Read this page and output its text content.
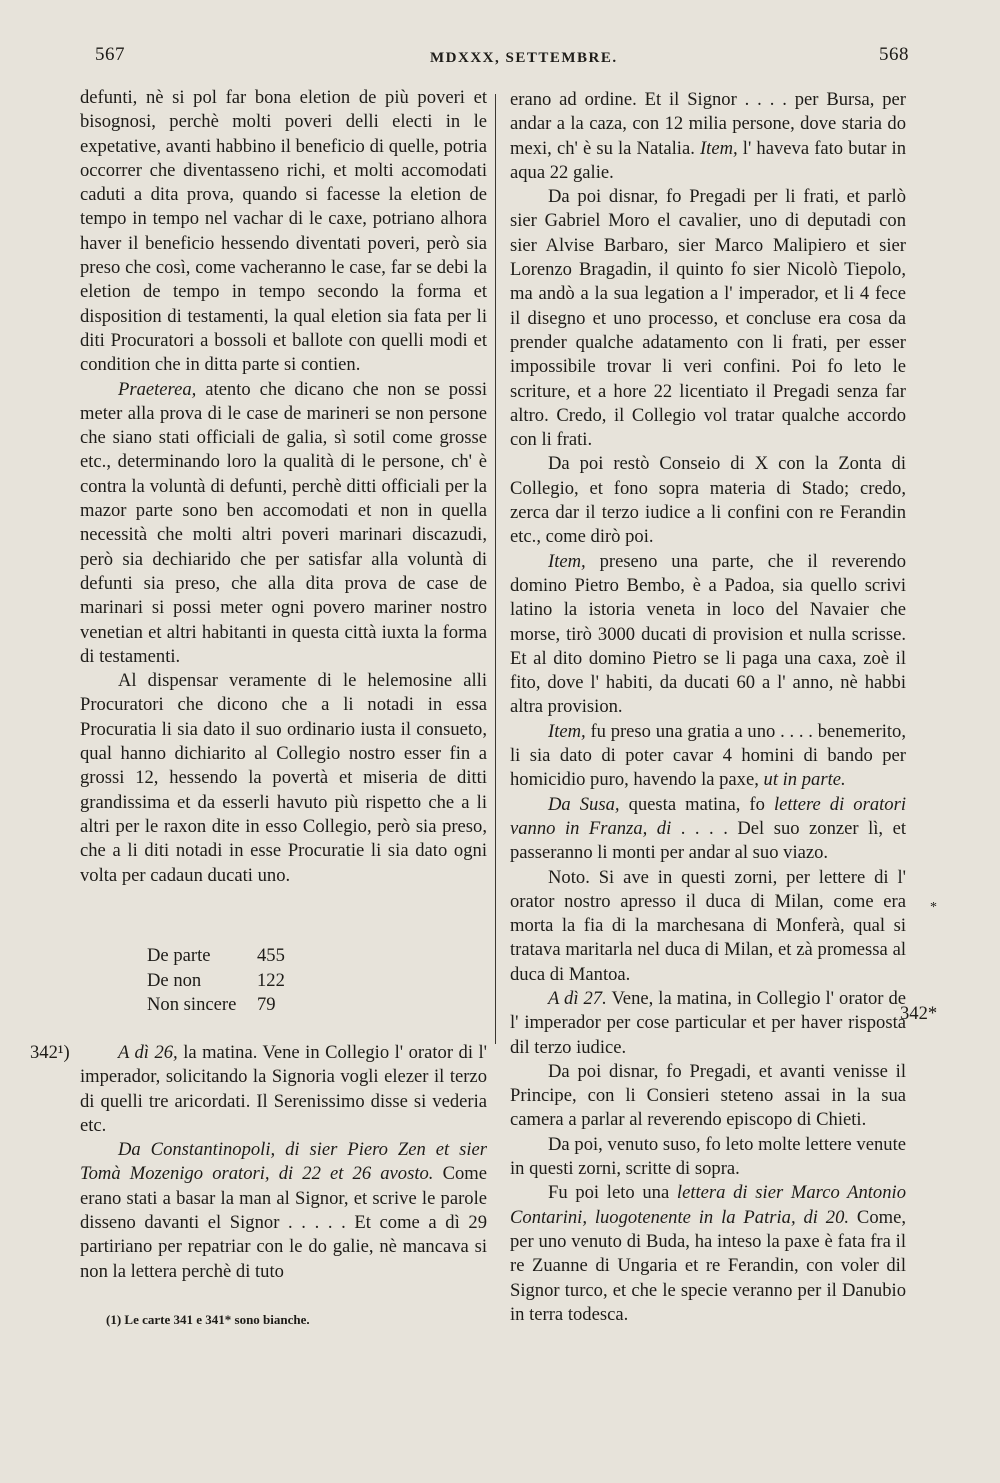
567	MDXXX, SETTEMBRE.	568

defunti, nè si pol far bona eletion de più poveri et bisognosi, perchè molti poveri delli electi in le expetative, avanti habbino il beneficio di quelle, potria occorrer che diventasseno richi, et molti accomodati caduti a dita prova, quando si facesse la eletion de tempo in tempo nel vachar di le caxe, potriano alhora haver il beneficio hessendo diventati poveri, però sia preso che così, come vacheranno le case, far se debi la eletion de tempo in tempo secondo la forma et disposition di testamenti, la qual eletion sia fata per li diti Procuratori a bossoli et ballote con quelli modi et condition che in ditta parte si contien.

Praeterea, atento che dicano che non se possi meter alla prova di le case de marineri se non persone che siano stati officiali de galia, sì sotil come grosse etc., determinando loro la qualità di le persone, ch' è contra la voluntà di defunti, perchè ditti officiali per la mazor parte sono ben accomodati et non in quella necessità che molti altri poveri marinari discazudi, però sia dechiarido che per satisfar alla voluntà di defunti sia preso, che alla dita prova de case de marinari si possi meter ogni povero mariner nostro venetian et altri habitanti in questa città iuxta la forma di testamenti.

Al dispensar veramente di le helemosine alli Procuratori che dicono che a li notadi in essa Procuratia li sia dato il suo ordinario iusta il consueto, qual hanno dichiarito al Collegio nostro esser fin a grossi 12, hessendo la povertà et miseria de ditti grandissima et da esserli havuto più rispetto che a li altri per le raxon dite in esso Collegio, però sia preso, che a li diti notadi in esse Procuratie li sia dato ogni volta per cadaun ducati uno.

De parte	455
De non	122
Non sincere	79
342¹)	A dì 26, la matina. Vene in Collegio l' orator di l' imperador, solicitando la Signoria vogli elezer il terzo di quelli tre aricordati. Il Serenissimo disse si vederia etc.

Da Constantinopoli, di sier Piero Zen et sier Tomà Mozenigo oratori, di 22 et 26 avosto. Come erano stati a basar la man al Signor, et scrive le parole disseno davanti el Signor . . . . . Et come a dì 29 partiriano per repatriar con le do galie, nè mancava si non la lettera perchè di tuto

(1) Le carte 341 e 341* sono bianche.

erano ad ordine. Et il Signor . . . . per Bursa, per andar a la caza, con 12 milia persone, dove staria do mexi, ch' è su la Natalia. Item, l' haveva fato butar in aqua 22 galie.

Da poi disnar, fo Pregadi per li frati, et parlò sier Gabriel Moro el cavalier, uno di deputadi con sier Alvise Barbaro, sier Marco Malipiero et sier Lorenzo Bragadin, il quinto fo sier Nicolò Tiepolo, ma andò a la sua legation a l' imperador, et li 4 fece il disegno et uno processo, et concluse era cosa da prender qualche adatamento con li frati, per esser impossibile trovar li veri confini. Poi fo leto le scriture, et a hore 22 licentiato il Pregadi senza far altro. Credo, il Collegio vol tratar qualche accordo con li frati.

Da poi restò Conseio di X con la Zonta di Collegio, et fono sopra materia di Stado; credo, zerca dar il terzo iudice a li confini con re Ferandin etc., come dirò poi.

Item, preseno una parte, che il reverendo domino Pietro Bembo, è a Padoa, sia quello scrivi latino la istoria veneta in loco del Navaier che morse, tirò 3000 ducati di provision et nulla scrisse. Et al dito domino Pietro se li paga una caxa, zoè il fito, dove l' habiti, da ducati 60 a l' anno, nè habbi altra provision.

Item, fu preso una gratia a uno . . . . benemerito, li sia dato di poter cavar 4 homini di bando per homicidio puro, havendo la paxe, ut in parte.

Da Susa, questa matina, fo lettere di oratori vanno in Franza, di . . . . Del suo zonzer lì, et passeranno li monti per andar al suo viazo.

Noto. Si ave in questi zorni, per lettere di l' orator nostro apresso il duca di Milan, come era morta la fia di la marchesana di Monferà, qual si tratava maritarla nel duca di Milan, et zà promessa al duca di Mantoa.

A dì 27. Vene, la matina, in Collegio l' orator de l' imperador per cose particular et per haver risposta dil terzo iudice.

Da poi disnar, fo Pregadi, et avanti venisse il Principe, con li Consieri steteno assai in la sua camera a parlar al reverendo episcopo di Chieti.

Da poi, venuto suso, fo leto molte lettere venute in questi zorni, scritte di sopra.

Fu poi leto una lettera di sier Marco Antonio Contarini, luogotenente in la Patria, di 20. Come, per uno venuto di Buda, ha inteso la paxe è fata fra il re Zuanne di Ungaria et re Ferandin, con voler dil Signor turco, et che le specie veranno per il Danubio in terra todesca.

342*
*
